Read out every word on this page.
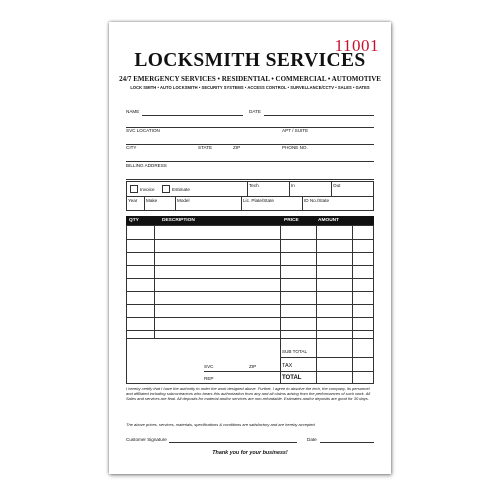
11001
LOCKSMITH SERVICES
24/7 EMERGENCY SERVICES • RESIDENTIAL • COMMERCIAL • AUTOMOTIVE
LOCK SMITH • AUTO LOCKSMITH • SECURITY SYSTEMS • ACCESS CONTROL • SURVELLANCE/CCTV • SALES • GATES
NAME	DATE
SVC LOCATION	APT / SUITE
CITY	STATE	ZIP	PHONE NO.
BILLING ADDRESS
Invoice	Estimate
Tech	In	Out
Year Make	Model	Lic. Plate/State	ID No./State
QTY	DESCRIPTION	PRICE	AMOUNT
SUB TOTAL
TAX
TOTAL
SVC	ZIP
REP
I hereby certify that I have the authority to order the work designed above. Further, I agree to absolve the tech, the company, its personnel and affiliated including subcontractors who bears this authorization from any and all claims arising from the performances of such work. All Sales and services are final. All deposits for material and/or services are non-refundable. Estimates and/or deposits are good for 30 days.
The above prices, services, materials, specifications & conditions are satisfactory and are hereby accepted
Customer Signature	Date
Thank you for your business!
